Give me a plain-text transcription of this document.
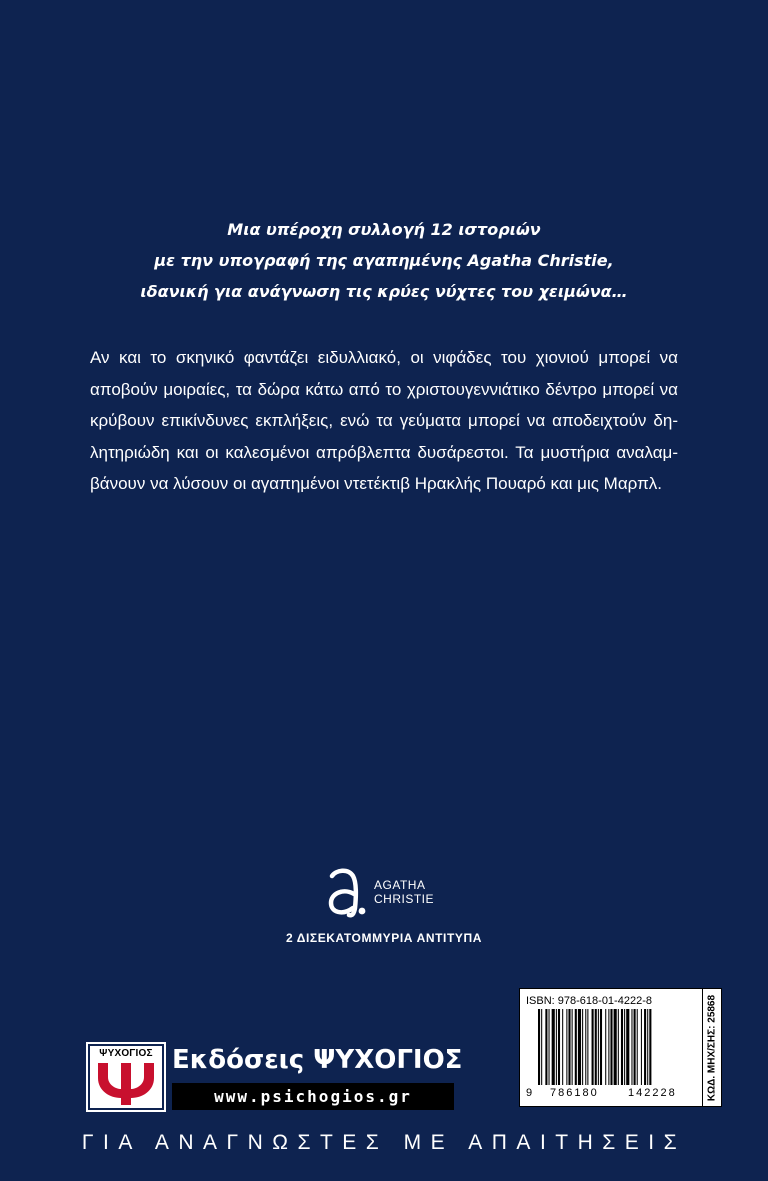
Μια υπέροχη συλλογή 12 ιστοριών
με την υπογραφή της αγαπημένης Agatha Christie,
ιδανική για ανάγνωση τις κρύες νύχτες του χειμώνα…
Αν και το σκηνικό φαντάζει ειδυλλιακό, οι νιφάδες του χιονιού μπορεί να
αποβούν μοιραίες, τα δώρα κάτω από το χριστουγεννιάτικο δέντρο μπορεί να
κρύβουν επικίνδυνες εκπλήξεις, ενώ τα γεύματα μπορεί να αποδειχτούν δη-
λητηριώδη και οι καλεσμένοι απρόβλεπτα δυσάρεστοι. Τα μυστήρια αναλαμ-
βάνουν να λύσουν οι αγαπημένοι ντετέκτιβ Ηρακλής Πουαρό και μις Μαρπλ.
AGATHA
CHRISTIE
2 ΔΙΣΕΚΑΤΟΜΜΥΡΙΑ ΑΝΤΙΤΥΠΑ
ISBN: 978-618-01-4222-8
9 786180	142228	ΚΩΔ. ΜΗΧ/ΣΗΣ: 25868
ΨΥΧΟΓΙΟΣ Εκδόσεις ΨΥΧΟΓΙΟΣ
www.psichogios.gr
ΓΙΑ ΑΝΑΓΝΩΣΤΕΣ ΜΕ ΑΠΑΙΤΗΣΕΙΣ
